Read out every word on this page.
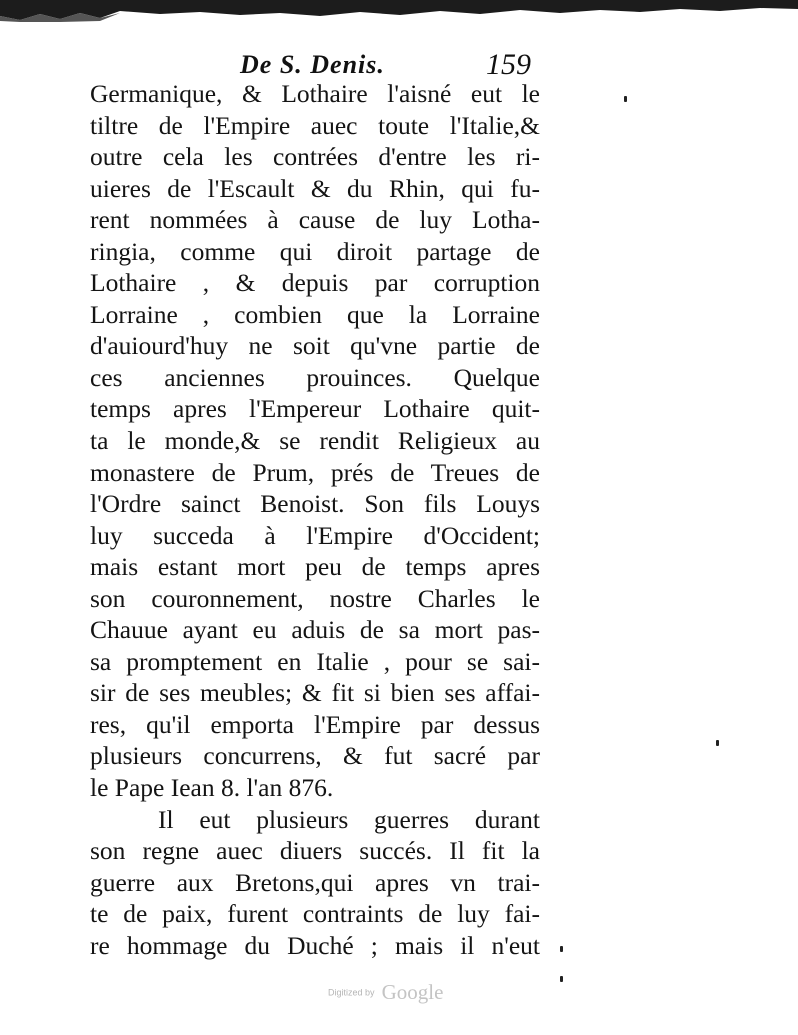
De S. Denis.	159
Germanique, & Lothaire l'aisné eut le
tiltre de l'Empire auec toute l'Italie,&
outre cela les contrées d'entre les ri-
uieres de l'Escault & du Rhin, qui fu-
rent nommées à cause de luy Lotha-
ringia, comme qui diroit partage de
Lothaire , & depuis par corruption
Lorraine , combien que la Lorraine
d'auiourd'huy ne soit qu'vne partie de
ces anciennes prouinces. Quelque
temps apres l'Empereur Lothaire quit-
ta le monde,& se rendit Religieux au
monastere de Prum, prés de Treues de
l'Ordre sainct Benoist. Son fils Louys
luy succeda à l'Empire d'Occident;
mais estant mort peu de temps apres
son couronnement, nostre Charles le
Chauue ayant eu aduis de sa mort pas-
sa promptement en Italie , pour se sai-
sir de ses meubles; & fit si bien ses affai-
res, qu'il emporta l'Empire par dessus
plusieurs concurrens, & fut sacré par
le Pape Iean 8. l'an 876.
Il eut plusieurs guerres durant
son regne auec diuers succés. Il fit la
guerre aux Bretons,qui apres vn trai-
te de paix, furent contraints de luy fai-
re hommage du Duché ; mais il n'eut
Digitized by Google
